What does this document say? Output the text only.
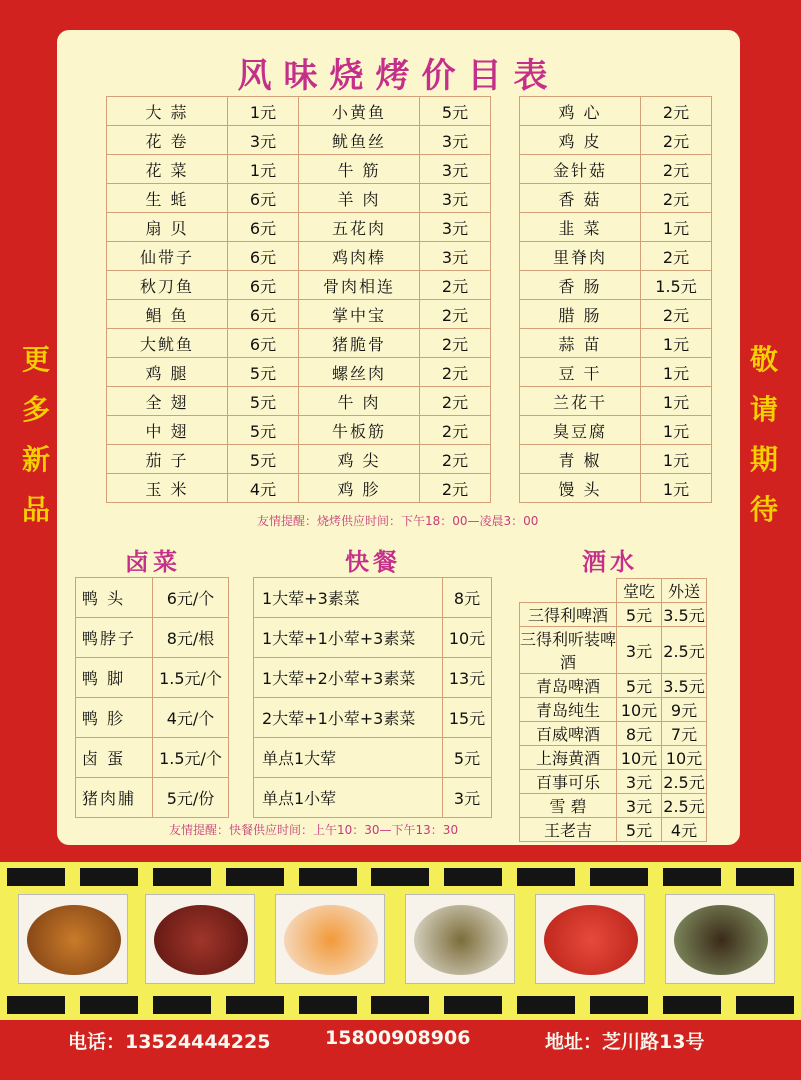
风味烧烤价目表
大 蒜	1元
花 卷	3元
花 菜	1元
生 蚝	6元
扇 贝	6元
仙带子	6元
秋刀鱼	6元
鲳 鱼	6元
大鱿鱼	6元
鸡 腿	5元
全 翅	5元
中 翅	5元
茄 子	5元
玉 米	4元
小黄鱼	5元
鱿鱼丝	3元
牛 筋	3元
羊 肉	3元
五花肉	3元
鸡肉棒	3元
骨肉相连	2元
掌中宝	2元
猪脆骨	2元
螺丝肉	2元
牛 肉	2元
牛板筋	2元
鸡 尖	2元
鸡 胗	2元
鸡 心	2元
鸡 皮	2元
金针菇	2元
香 菇	2元
韭 菜	1元
里脊肉	2元
香 肠	1.5元
腊 肠	2元
蒜 苗	1元
豆 干	1元
兰花干	1元
臭豆腐	1元
青 椒	1元
馒 头	1元
友情提醒：烧烤供应时间：下午18：00—凌晨3：00
卤菜	快餐	酒水
鸭 头	6元/个
鸭脖子	8元/根
鸭 脚	1.5元/个
鸭 胗	4元/个
卤 蛋	1.5元/个
猪肉脯	5元/份
1大荤+3素菜	8元
1大荤+1小荤+3素菜	10元
1大荤+2小荤+3素菜	13元
2大荤+1小荤+3素菜	15元
单点1大荤	5元
单点1小荤	3元
	堂吃	外送
三得利啤酒	5元	3.5元
三得利听装啤酒	3元	2.5元
青岛啤酒	5元	3.5元
青岛纯生	10元	9元
百威啤酒	8元	7元
上海黄酒	10元	10元
百事可乐	3元	2.5元
雪 碧	3元	2.5元
王老吉	5元	4元
友情提醒：快餐供应时间：上午10：30—下午13：30
更
多
新
品
敬
请
期
待
电话：13524444225	15800908906	地址：芝川路13号
